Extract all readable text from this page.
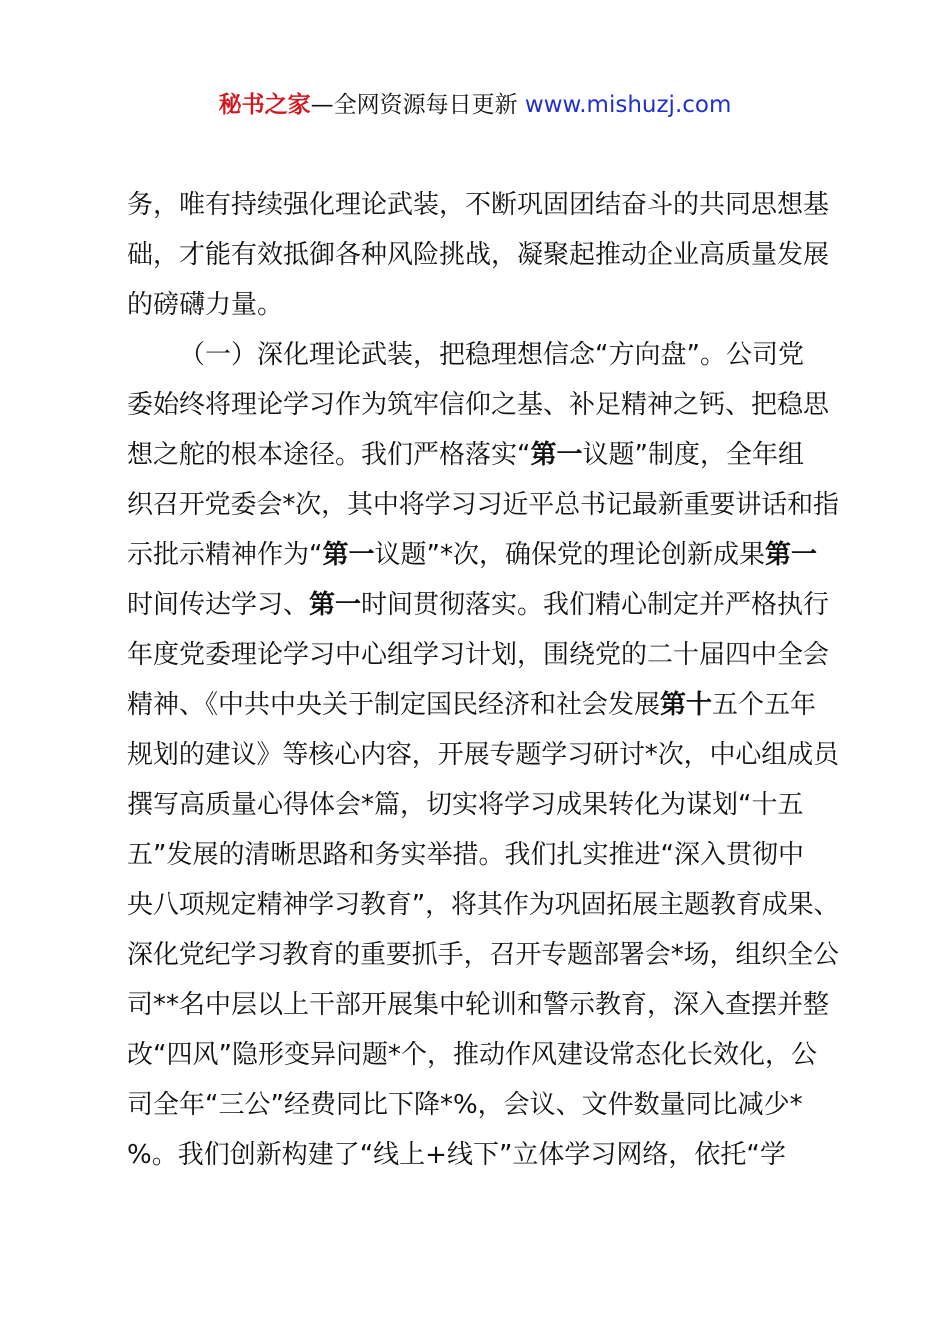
秘书之家—全网资源每日更新 www.mishuzj.com
务，唯有持续强化理论武装，不断巩固团结奋斗的共同思想基
础，才能有效抵御各种风险挑战，凝聚起推动企业高质量发展
的磅礴力量。
（一）深化理论武装，把稳理想信念“方向盘”。公司党
委始终将理论学习作为筑牢信仰之基、补足精神之钙、把稳思
想之舵的根本途径。我们严格落实“第一议题”制度，全年组
织召开党委会*次，其中将学习习近平总书记最新重要讲话和指
示批示精神作为“第一议题”*次，确保党的理论创新成果第一
时间传达学习、第一时间贯彻落实。我们精心制定并严格执行
年度党委理论学习中心组学习计划，围绕党的二十届四中全会
精神、《中共中央关于制定国民经济和社会发展第十五个五年
规划的建议》等核心内容，开展专题学习研讨*次，中心组成员
撰写高质量心得体会*篇，切实将学习成果转化为谋划“十五
五”发展的清晰思路和务实举措。我们扎实推进“深入贯彻中
央八项规定精神学习教育”，将其作为巩固拓展主题教育成果、
深化党纪学习教育的重要抓手，召开专题部署会*场，组织全公
司**名中层以上干部开展集中轮训和警示教育，深入查摆并整
改“四风”隐形变异问题*个，推动作风建设常态化长效化，公
司全年“三公”经费同比下降*%，会议、文件数量同比减少*
%。我们创新构建了“线上+线下”立体学习网络，依托“学
